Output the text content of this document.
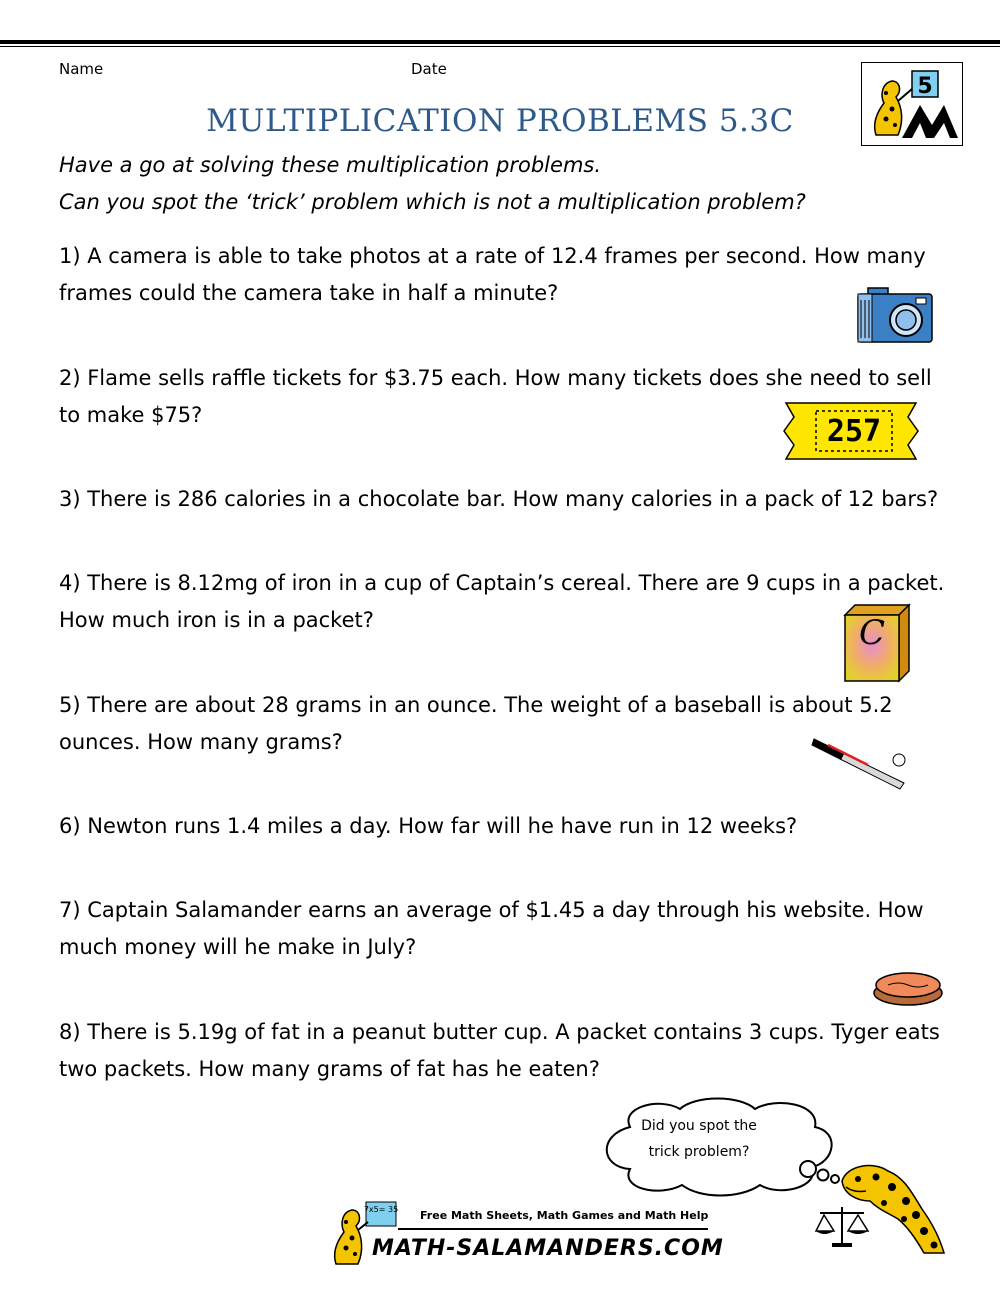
Name	Date
5
MULTIPLICATION PROBLEMS 5.3C
Have a go at solving these multiplication problems.
Can you spot the ‘trick’ problem which is not a multiplication problem?
1) A camera is able to take photos at a rate of 12.4 frames per second. How many frames could the camera take in half a minute?
2) Flame sells raffle tickets for $3.75 each. How many tickets does she need to sell to make $75?
3) There is 286 calories in a chocolate bar. How many calories in a pack of 12 bars?
4) There is 8.12mg of iron in a cup of Captain’s cereal. There are 9 cups in a packet. How much iron is in a packet?
5) There are about 28 grams in an ounce. The weight of a baseball is about 5.2 ounces. How many grams?
6) Newton runs 1.4 miles a day. How far will he have run in 12 weeks?
7) Captain Salamander earns an average of $1.45 a day through his website. How much money will he make in July?
8) There is 5.19g of fat in a peanut butter cup. A packet contains 3 cups. Tyger eats two packets. How many grams of fat has he eaten?
257
C
Did you spot the
trick problem?
7x5= 35 Free Math Sheets, Math Games and Math Help
MATH-SALAMANDERS.COM
